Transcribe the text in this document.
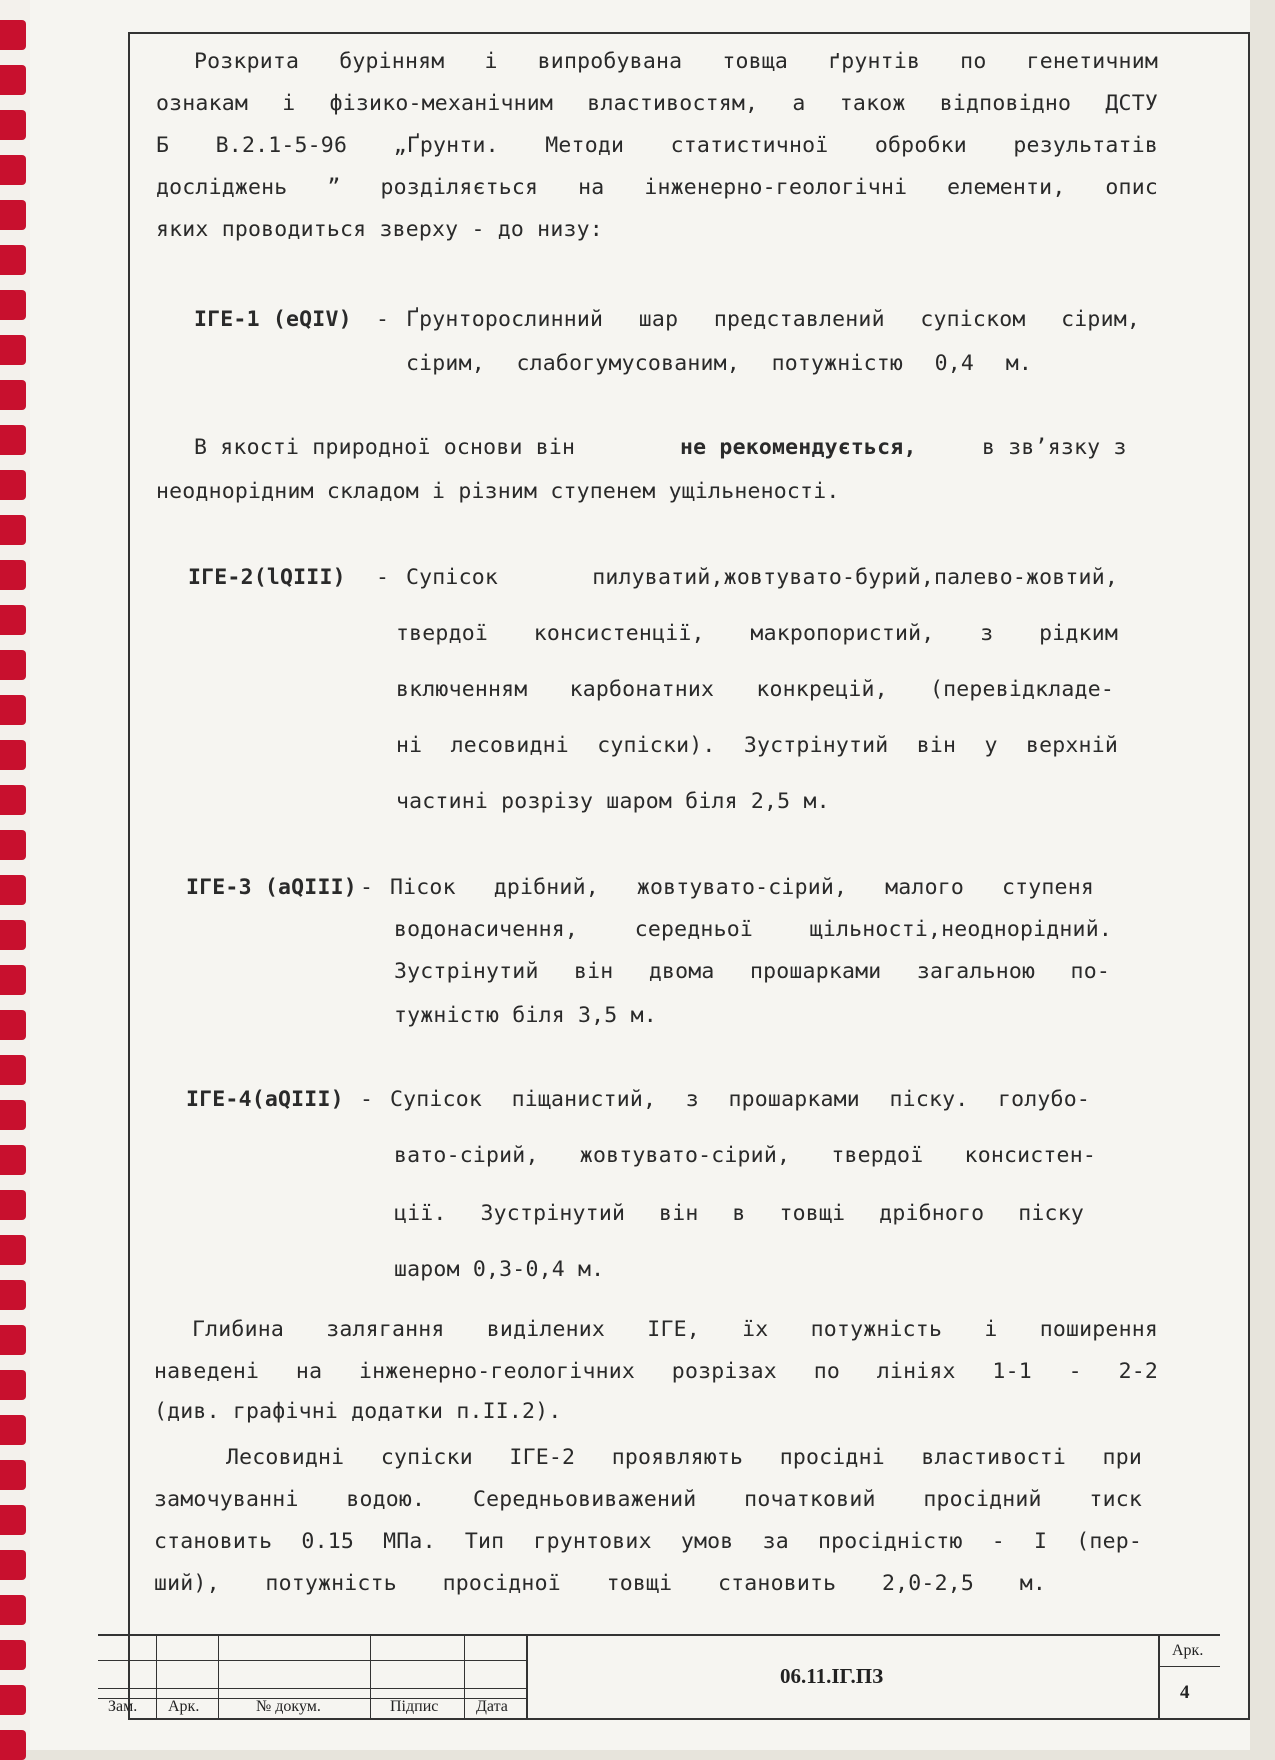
Розкрита бурінням і випробувана товща ґрунтів по генетичним
ознакам і фізико-механічним властивостям, а також відповідно ДСТУ
Б В.2.1-5-96 „Ґрунти. Методи статистичної обробки результатів
досліджень ” розділяється на інженерно-геологічні елементи, опис
яких проводиться зверху - до низу:
ІГЕ-1 (eQIV) - Ґрунторослинний шар представлений супіском сірим,
сірим, слабогумусованим, потужністю 0,4 м.
В якості природної основи він	не рекомендується,	в зв’язку з
неоднорідним складом і різним ступенем ущільненості.
ІГЕ-2(lQIII) - Супісок пилуватий,жовтувато-бурий,палево-жовтий,
твердої консистенції, макропористий, з рідким
включенням карбонатних конкрецій, (перевідкладе-
ні лесовидні супіски). Зустрінутий він у верхній
частині розрізу шаром біля 2,5 м.
ІГЕ-3 (aQIII) - Пісок дрібний, жовтувато-сірий, малого ступеня
водонасичення, середньої щільності,неоднорідний.
Зустрінутий він двома прошарками загальною по-
тужністю біля 3,5 м.
ІГЕ-4(aQIII) - Супісок піщанистий, з прошарками піску. голубо-
вато-сірий, жовтувато-сірий, твердої консистен-
ції. Зустрінутий він в товщі дрібного піску
шаром 0,3-0,4 м.
Глибина залягання виділених ІГЕ, їх потужність і поширення
наведені на інженерно-геологічних розрізах по лініях 1-1 - 2-2
(див. графічні додатки п.ІІ.2).
Лесовидні супіски ІГЕ-2 проявляють просідні властивості при
замочуванні водою. Середньовиважений початковий просідний тиск
становить 0.15 МПа. Тип грунтових умов за просідністю - І (пер-
ший), потужність просідної товщі становить 2,0-2,5 м.
Зам. Арк.	№ докум.	Підпис Дата
06.11.ІГ.ПЗ
Арк.
4
